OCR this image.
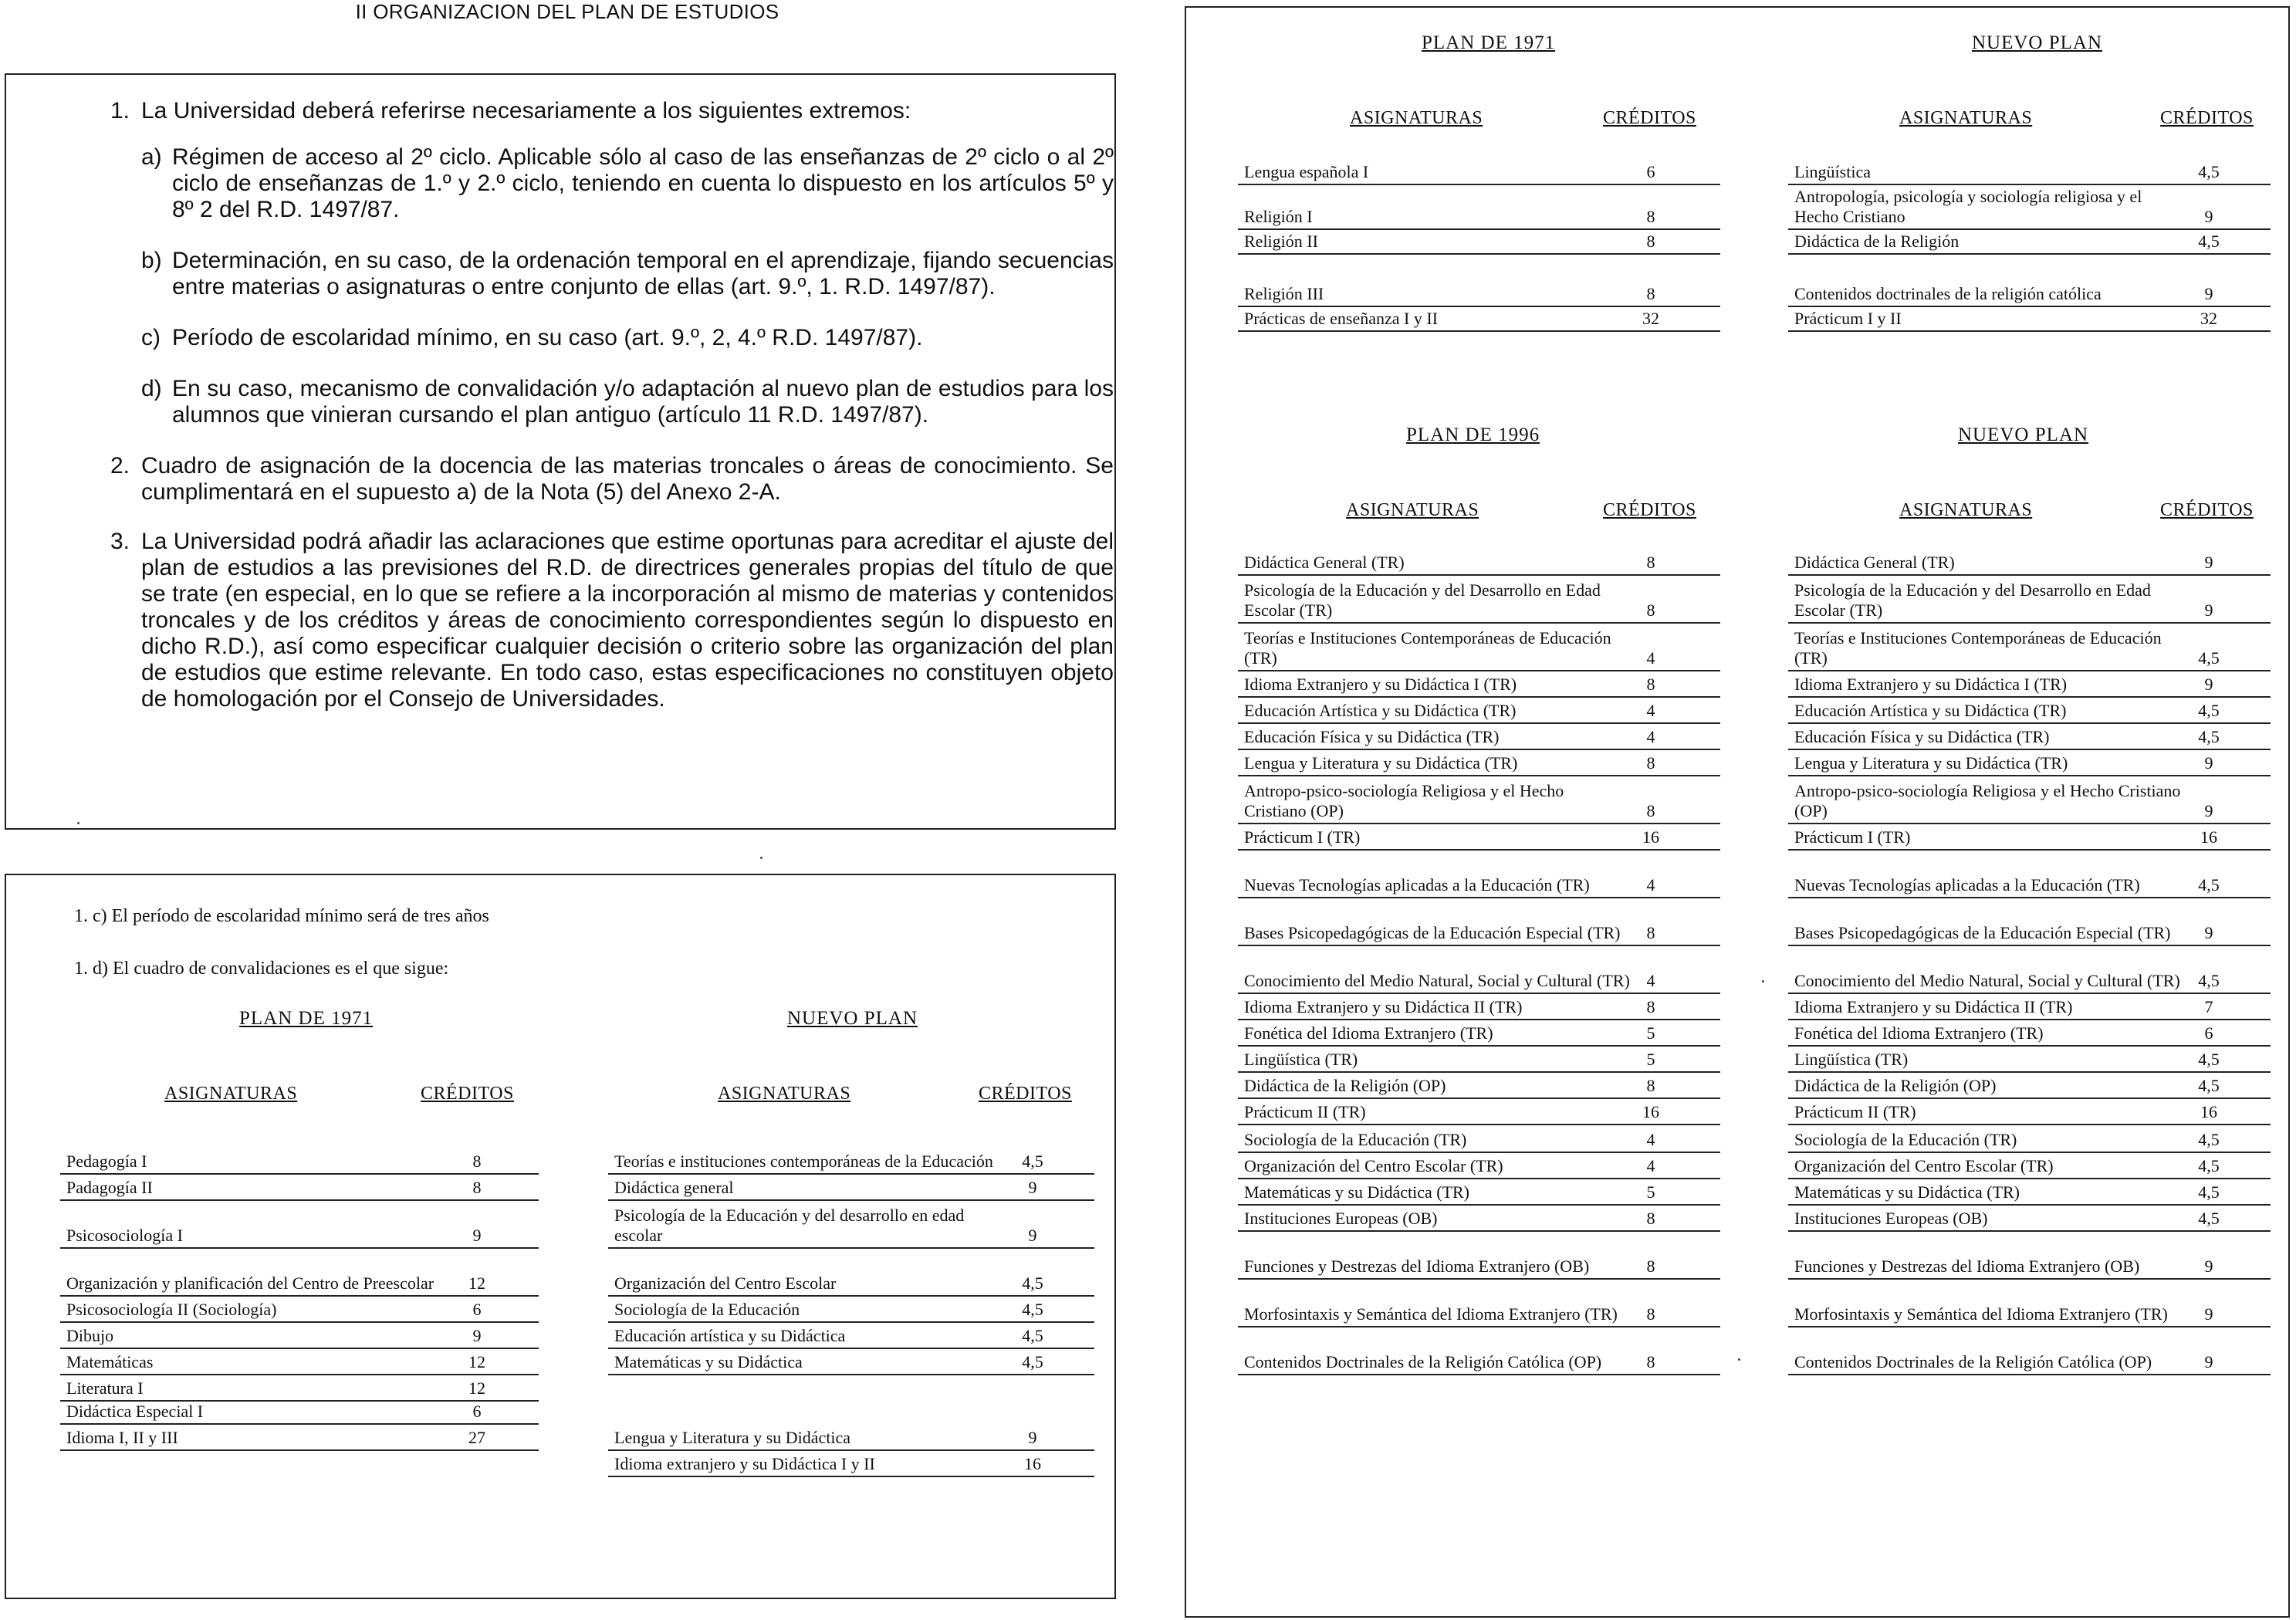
II ORGANIZACION DEL PLAN DE ESTUDIOS
1. La Universidad deberá referirse necesariamente a los siguientes extremos:
a) Régimen de acceso al 2º ciclo. Aplicable sólo al caso de las enseñanzas de 2º ciclo o al 2º ciclo de enseñanzas de 1.º y 2.º ciclo, teniendo en cuenta lo dispuesto en los artículos 5º y 8º 2 del R.D. 1497/87.
b) Determinación, en su caso, de la ordenación temporal en el aprendizaje, fijando secuencias entre materias o asignaturas o entre conjunto de ellas (art. 9.º, 1. R.D. 1497/87).
c) Período de escolaridad mínimo, en su caso (art. 9.º, 2, 4.º R.D. 1497/87).
d) En su caso, mecanismo de convalidación y/o adaptación al nuevo plan de estudios para los alumnos que vinieran cursando el plan antiguo (artículo 11 R.D. 1497/87).
2. Cuadro de asignación de la docencia de las materias troncales o áreas de conocimiento. Se cumplimentará en el supuesto a) de la Nota (5) del Anexo 2-A.
3. La Universidad podrá añadir las aclaraciones que estime oportunas para acreditar el ajuste del plan de estudios a las previsiones del R.D. de directrices generales propias del título de que se trate (en especial, en lo que se refiere a la incorporación al mismo de materias y contenidos troncales y de los créditos y áreas de conocimiento correspondientes según lo dispuesto en dicho R.D.), así como especificar cualquier decisión o criterio sobre las organización del plan de estudios que estime relevante. En todo caso, estas especificaciones no constituyen objeto de homologación por el Consejo de Universidades.
1. c) El período de escolaridad mínimo será de tres años
1. d) El cuadro de convalidaciones es el que sigue:
PLAN DE 1971	NUEVO PLAN
ASIGNATURAS	CRÉDITOS	ASIGNATURAS	CRÉDITOS
Pedagogía I	8
Padagogía II	8
Psicosociología I	9
Organización y planificación del Centro de Preescolar	12
Psicosociología II (Sociología)	6
Dibujo	9
Matemáticas	12
Literatura I	12
Didáctica Especial I	6
Idioma I, II y III	27
Teorías e instituciones contemporáneas de la Educación	4,5
Didáctica general	9
Psicología de la Educación y del desarrollo en edad escolar	9
Organización del Centro Escolar	4,5
Sociología de la Educación	4,5
Educación artística y su Didáctica	4,5
Matemáticas y su Didáctica	4,5
Lengua y Literatura y su Didáctica	9
Idioma extranjero y su Didáctica I y II	16
PLAN DE 1971	NUEVO PLAN
ASIGNATURAS	CRÉDITOS	ASIGNATURAS	CRÉDITOS
Lengua española I	6
Religión I	8
Religión II	8
Religión III	8
Prácticas de enseñanza I y II	32
Lingüística	4,5
Antropología, psicología y sociología religiosa y el Hecho Cristiano	9
Didáctica de la Religión	4,5
Contenidos doctrinales de la religión católica	9
Prácticum I y II	32
PLAN DE 1996	NUEVO PLAN
ASIGNATURAS	CRÉDITOS	ASIGNATURAS	CRÉDITOS
Didáctica General (TR)	8
Psicología de la Educación y del Desarrollo en Edad Escolar (TR)	8
Teorías e Instituciones Contemporáneas de Educación (TR)	4
Idioma Extranjero y su Didáctica I (TR)	8
Educación Artística y su Didáctica (TR)	4
Educación Física y su Didáctica (TR)	4
Lengua y Literatura y su Didáctica (TR)	8
Antropo-psico-sociología Religiosa y el Hecho Cristiano (OP)	8
Prácticum I (TR)	16
Nuevas Tecnologías aplicadas a la Educación (TR)	4
Bases Psicopedagógicas de la Educación Especial (TR)	8
Conocimiento del Medio Natural, Social y Cultural (TR) 4
Idioma Extranjero y su Didáctica II (TR)	8
Fonética del Idioma Extranjero (TR)	5
Lingüística (TR)	5
Didáctica de la Religión (OP)	8
Prácticum II (TR)	16
Sociología de la Educación (TR)	4
Organización del Centro Escolar (TR)	4
Matemáticas y su Didáctica (TR)	5
Instituciones Europeas (OB)	8
Funciones y Destrezas del Idioma Extranjero (OB)	8
Morfosintaxis y Semántica del Idioma Extranjero (TR)	8
Contenidos Doctrinales de la Religión Católica (OP)	8
Didáctica General (TR)	9
Psicología de la Educación y del Desarrollo en Edad Escolar (TR)	9
Teorías e Instituciones Contemporáneas de Educación (TR)	4,5
Idioma Extranjero y su Didáctica I (TR)	9
Educación Artística y su Didáctica (TR)	4,5
Educación Física y su Didáctica (TR)	4,5
Lengua y Literatura y su Didáctica (TR)	9
Antropo-psico-sociología Religiosa y el Hecho Cristiano (OP)	9
Prácticum I (TR)	16
Nuevas Tecnologías aplicadas a la Educación (TR)	4,5
Bases Psicopedagógicas de la Educación Especial (TR)	9
Conocimiento del Medio Natural, Social y Cultural (TR)	4,5
Idioma Extranjero y su Didáctica II (TR)	7
Fonética del Idioma Extranjero (TR)	6
Lingüística (TR)	4,5
Didáctica de la Religión (OP)	4,5
Prácticum II (TR)	16
Sociología de la Educación (TR)	4,5
Organización del Centro Escolar (TR)	4,5
Matemáticas y su Didáctica (TR)	4,5
Instituciones Europeas (OB)	4,5
Funciones y Destrezas del Idioma Extranjero (OB)	9
Morfosintaxis y Semántica del Idioma Extranjero (TR)	9
Contenidos Doctrinales de la Religión Católica (OP)	9
